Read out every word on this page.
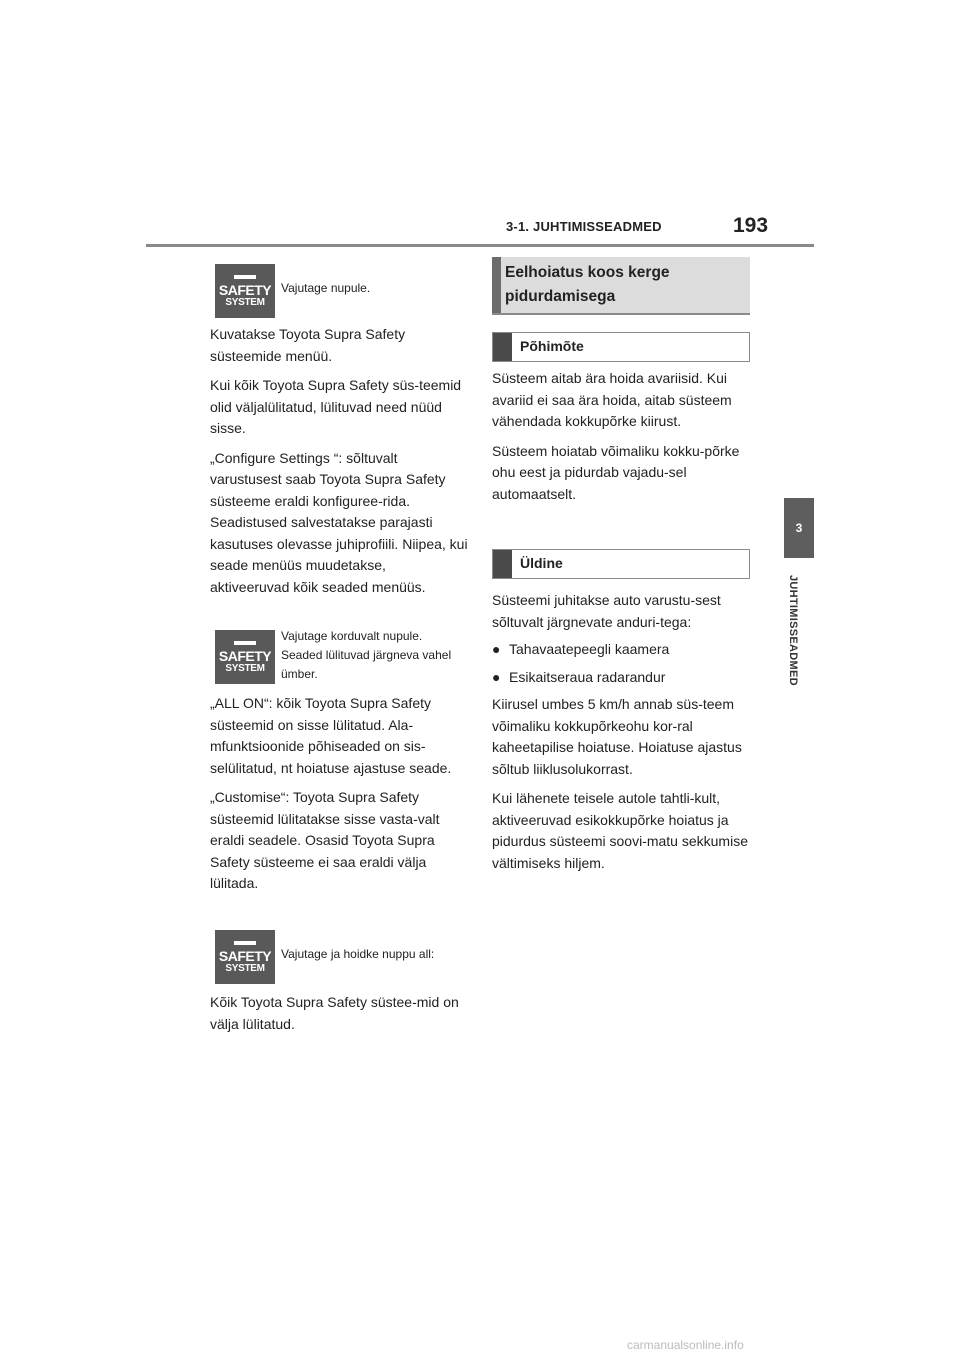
3-1. JUHTIMISSEADMED	193
3
JUHTIMISSEADMED
SAFETY
SYSTEM
Vajutage nupule.

Kuvatakse Toyota Supra Safety süsteemide menüü.

Kui kõik Toyota Supra Safety süs-teemid olid väljalülitatud, lülituvad need nüüd sisse.

„Configure Settings “: sõltuvalt varustusest saab Toyota Supra Safety süsteeme eraldi konfiguree-rida. Seadistused salvestatakse parajasti kasutuses olevasse juhiprofiili. Niipea, kui seade menüüs muudetakse, aktiveeruvad kõik seaded menüüs.

SAFETY
SYSTEM
Vajutage korduvalt nupule. Seaded lülituvad järgneva vahel ümber.

„ALL ON“: kõik Toyota Supra Safety süsteemid on sisse lülitatud. Ala-mfunktsioonide põhiseaded on sis-selülitatud, nt hoiatuse ajastuse seade.

„Customise“: Toyota Supra Safety süsteemid lülitatakse sisse vasta-valt eraldi seadele. Osasid Toyota Supra Safety süsteeme ei saa eraldi välja lülitada.

SAFETY
SYSTEM
Vajutage ja hoidke nuppu all:

Kõik Toyota Supra Safety süstee-mid on välja lülitatud.

Eelhoiatus koos kerge pidurdamisega
Põhimõte

Süsteem aitab ära hoida avariisid. Kui avariid ei saa ära hoida, aitab süsteem vähendada kokkupõrke kiirust.

Süsteem hoiatab võimaliku kokku-põrke ohu eest ja pidurdab vajadu-sel automaatselt.

Üldine

Süsteemi juhitakse auto varustu-sest sõltuvalt järgnevate anduri-tega:

● Tahavaatepeegli kaamera

● Esikaitseraua radarandur

Kiirusel umbes 5 km/h annab süs-teem võimaliku kokkupõrkeohu kor-ral kaheetapilise hoiatuse. Hoiatuse ajastus sõltub liiklusolukorrast.

Kui lähenete teisele autole tahtli-kult, aktiveeruvad esikokkupõrke hoiatus ja pidurdus süsteemi soovi-matu sekkumise vältimiseks hiljem.

carmanualsonline.info
